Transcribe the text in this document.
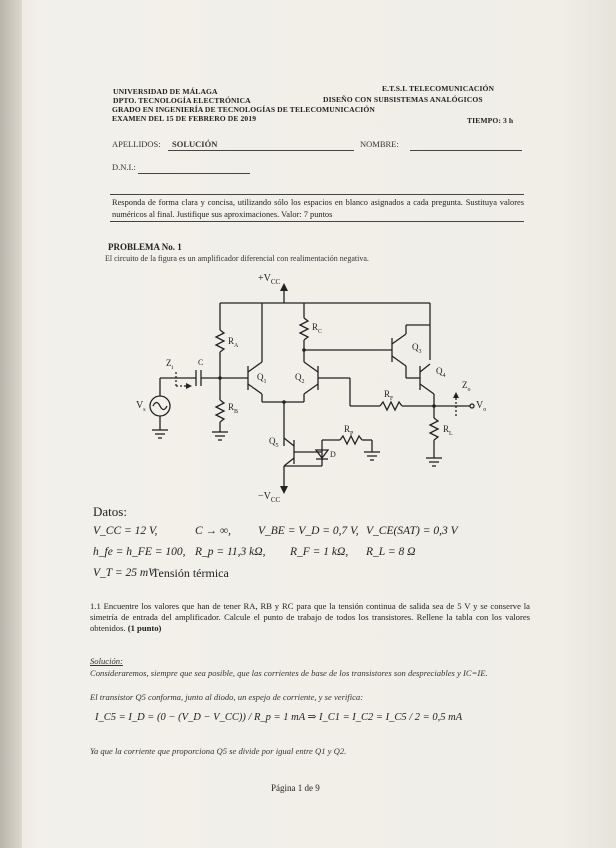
UNIVERSIDAD DE MÁLAGA	E.T.S.I. TELECOMUNICACIÓN
DPTO. TECNOLOGÍA ELECTRÓNICA	DISEÑO CON SUBSISTEMAS ANALÓGICOS
GRADO EN INGENIERÍA DE TECNOLOGÍAS DE TELECOMUNICACIÓN
EXAMEN DEL 15 DE FEBRERO DE 2019	TIEMPO: 3 h
APELLIDOS: SOLUCIÓN	NOMBRE:
D.N.I.:
Responda de forma clara y concisa, utilizando sólo los espacios en blanco asignados a cada pregunta. Sustituya valores numéricos al final. Justifique sus aproximaciones. Valor: 7 puntos
PROBLEMA No. 1
El circuito de la figura es un amplificador diferencial con realimentación negativa.
$+V_{CC}$
$R_A$
$R_B$
$R_C$
$R_F$
$R_P$	$R_L$
$Q_1$	$Q_2$
$Q_3$
$Q_4$
$Q_5$
C
D
$Z_i$
$Z_o$
$V_s$	$V_o$
$-V_{CC}$
Datos:
V_CC = 12 V,	C → ∞, V_BE = V_D = 0,7 V, V_CE(SAT) = 0,3 V
h_fe = h_FE = 100, R_p = 11,3 kΩ, R_F = 1 kΩ, R_L = 8 Ω
V_T = 25 mV
Tensión térmica
1.1 Encuentre los valores que han de tener RA, RB y RC para que la tensión continua de salida sea de 5 V y se conserve la simetría de entrada del amplificador. Calcule el punto de trabajo de todos los transistores. Rellene la tabla con los valores obtenidos. (1 punto)
Solución:
Consideraremos, siempre que sea posible, que las corrientes de base de los transistores son despreciables y IC=IE.
El transistor Q5 conforma, junto al diodo, un espejo de corriente, y se verifica:
I_C5 = I_D = (0 − (V_D − V_CC)) / R_p = 1 mA ⇒ I_C1 = I_C2 = I_C5 / 2 = 0,5 mA
Ya que la corriente que proporciona Q5 se divide por igual entre Q1 y Q2.
Página 1 de 9
